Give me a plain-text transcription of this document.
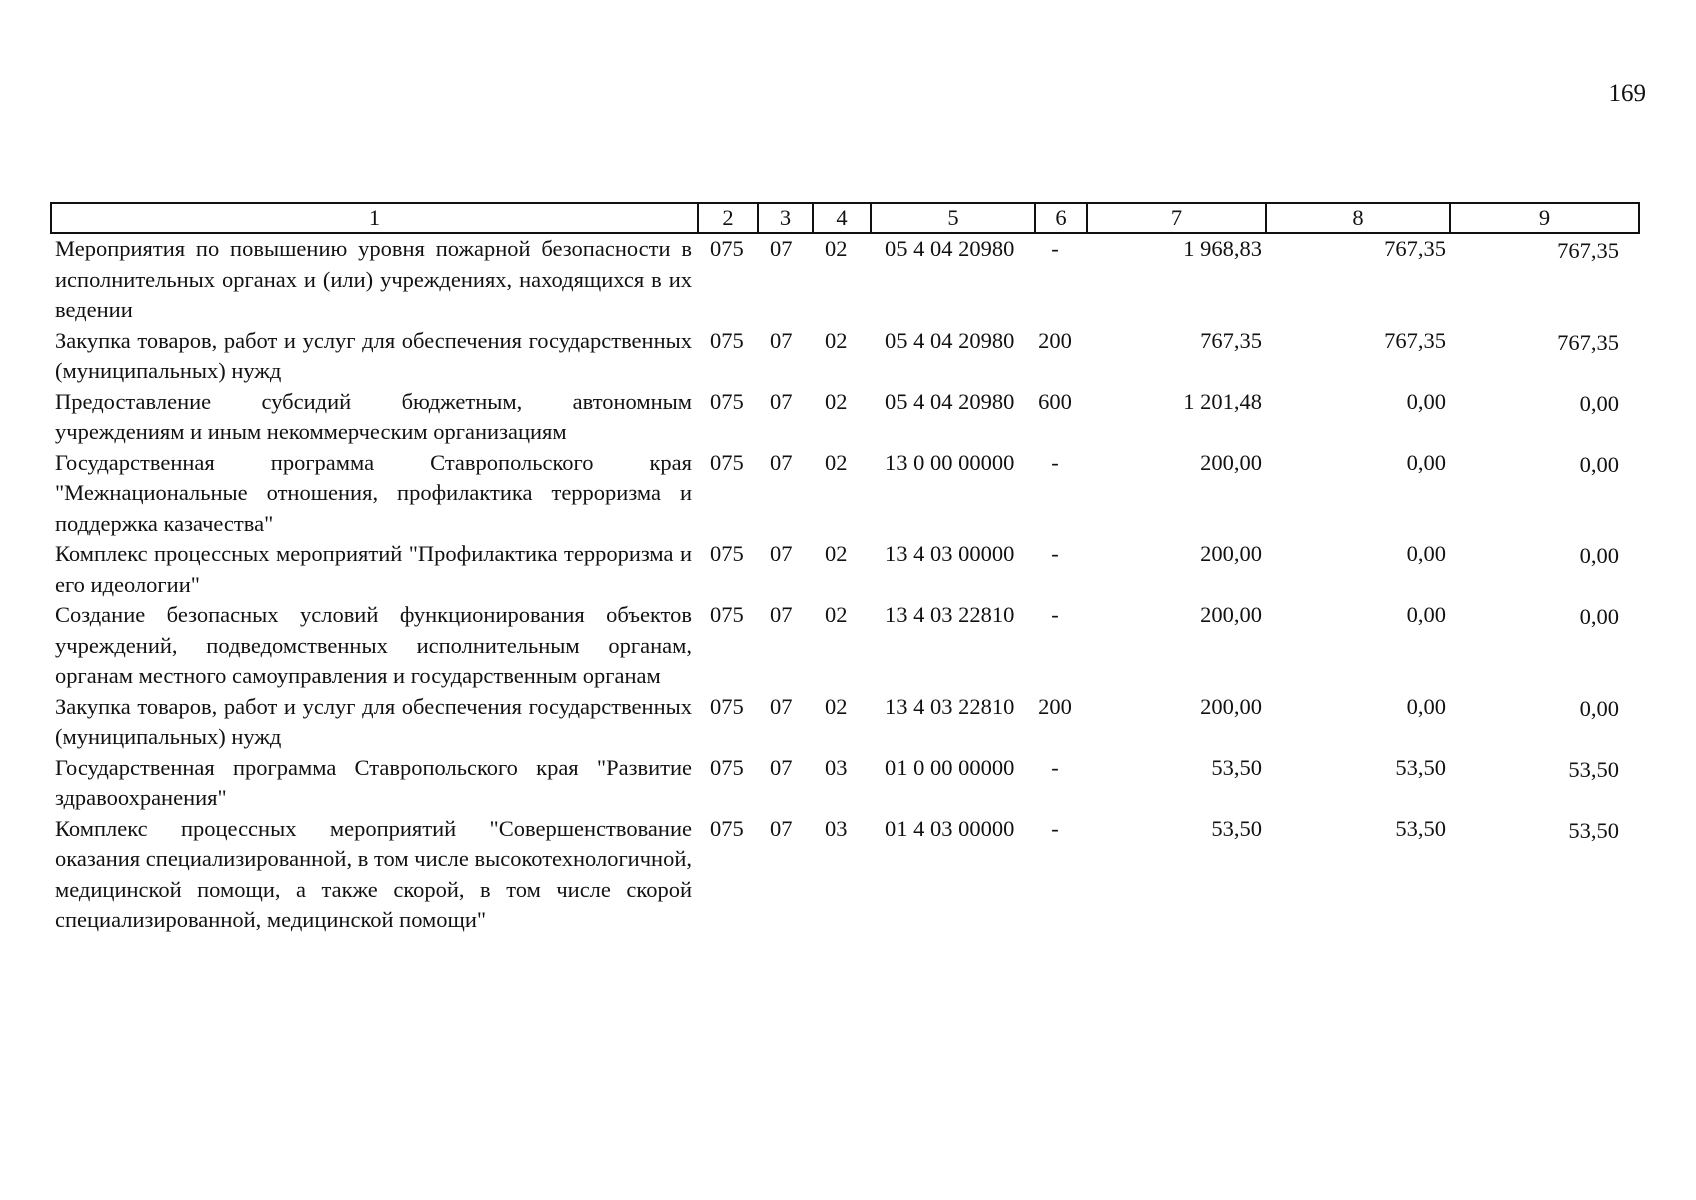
169
1	2	3	4	5	6	7	8	9
Мероприятия по повышению уровня пожарной безопасности в исполнительных органах и (или) учреждениях, находящихся в их ведении	075	07	02	05 4 04 20980	-	1 968,83	767,35	767,35
Закупка товаров, работ и услуг для обеспечения государственных (муниципальных) нужд	075	07	02	05 4 04 20980	200	767,35	767,35	767,35
Предоставление субсидий бюджетным, автономным учреждениям и иным некоммерческим организациям	075	07	02	05 4 04 20980	600	1 201,48	0,00	0,00
Государственная программа Ставропольского края "Межнациональные отношения, профилактика терроризма и поддержка казачества"	075	07	02	13 0 00 00000	-	200,00	0,00	0,00
Комплекс процессных мероприятий "Профилактика терроризма и его идеологии"	075	07	02	13 4 03 00000	-	200,00	0,00	0,00
Создание безопасных условий функционирования объектов учреждений, подведомственных исполнительным органам, органам местного самоуправления и государственным органам	075	07	02	13 4 03 22810	-	200,00	0,00	0,00
Закупка товаров, работ и услуг для обеспечения государственных (муниципальных) нужд	075	07	02	13 4 03 22810	200	200,00	0,00	0,00
Государственная программа Ставропольского края "Развитие здравоохранения"	075	07	03	01 0 00 00000	-	53,50	53,50	53,50
Комплекс процессных мероприятий "Совершенствование оказания специализированной, в том числе высокотехнологичной, медицинской помощи, а также скорой, в том числе скорой специализированной, медицинской помощи"	075	07	03	01 4 03 00000	-	53,50	53,50	53,50
